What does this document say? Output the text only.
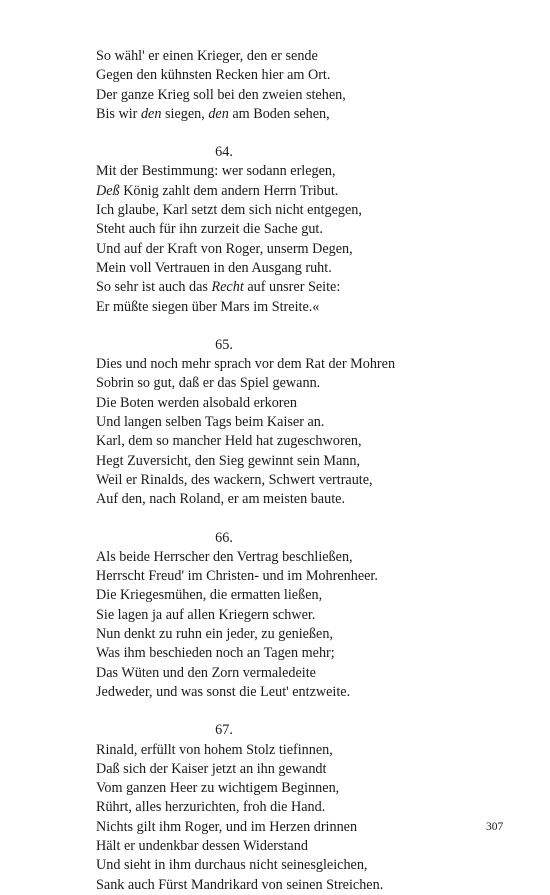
So wähl' er einen Krieger, den er sende
Gegen den kühnsten Recken hier am Ort.
Der ganze Krieg soll bei den zweien stehen,
Bis wir den siegen, den am Boden sehen,
64.
Mit der Bestimmung: wer sodann erlegen,
Deß König zahlt dem andern Herrn Tribut.
Ich glaube, Karl setzt dem sich nicht entgegen,
Steht auch für ihn zurzeit die Sache gut.
Und auf der Kraft von Roger, unserm Degen,
Mein voll Vertrauen in den Ausgang ruht.
So sehr ist auch das Recht auf unsrer Seite:
Er müßte siegen über Mars im Streite.«
65.
Dies und noch mehr sprach vor dem Rat der Mohren
Sobrin so gut, daß er das Spiel gewann.
Die Boten werden alsobald erkoren
Und langen selben Tags beim Kaiser an.
Karl, dem so mancher Held hat zugeschworen,
Hegt Zuversicht, den Sieg gewinnt sein Mann,
Weil er Rinalds, des wackern, Schwert vertraute,
Auf den, nach Roland, er am meisten baute.
66.
Als beide Herrscher den Vertrag beschließen,
Herrscht Freud' im Christen- und im Mohrenheer.
Die Kriegesmühen, die ermatten ließen,
Sie lagen ja auf allen Kriegern schwer.
Nun denkt zu ruhn ein jeder, zu genießen,
Was ihm beschieden noch an Tagen mehr;
Das Wüten und den Zorn vermaledeite
Jedweder, und was sonst die Leut' entzweite.
67.
Rinald, erfüllt von hohem Stolz tiefinnen,
Daß sich der Kaiser jetzt an ihn gewandt
Vom ganzen Heer zu wichtigem Beginnen,
Rührt, alles herzurichten, froh die Hand.
Nichts gilt ihm Roger, und im Herzen drinnen
Hält er undenkbar dessen Widerstand
Und sieht in ihm durchaus nicht seinesgleichen,
Sank auch Fürst Mandrikard von seinen Streichen.
307
